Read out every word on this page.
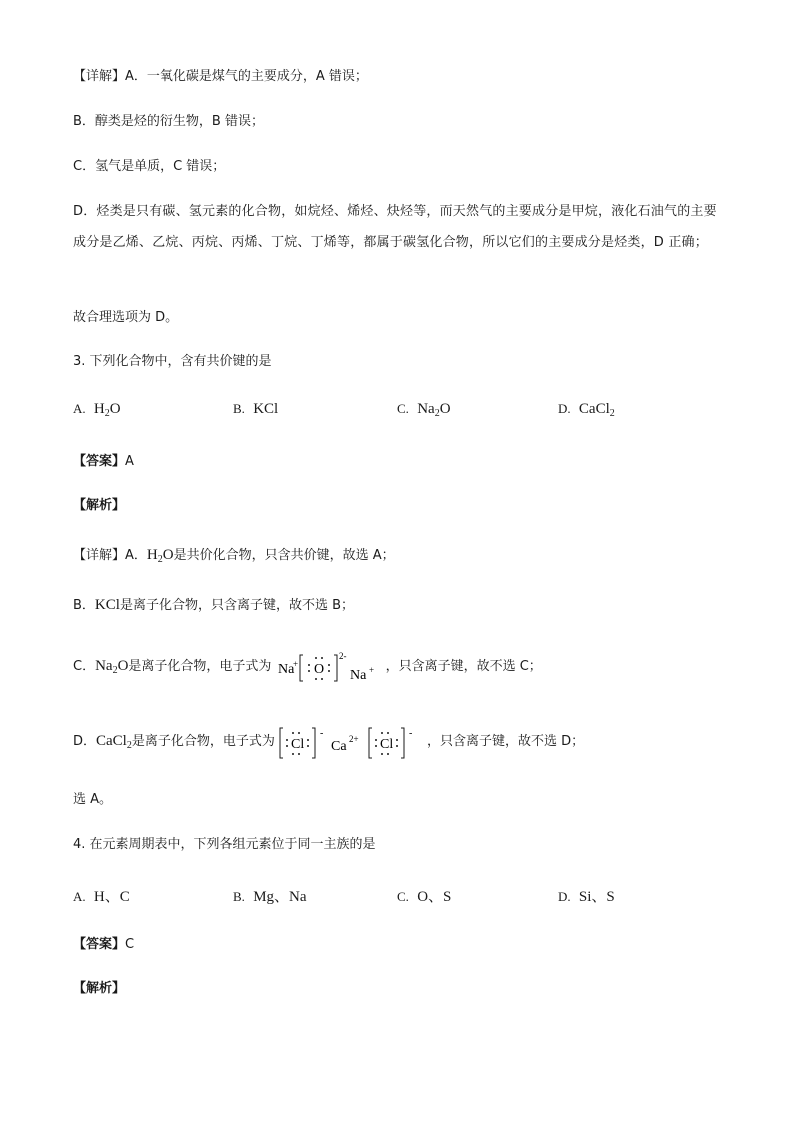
【详解】A．一氧化碳是煤气的主要成分，A 错误；
B．醇类是烃的衍生物，B 错误；
C．氢气是单质，C 错误；
D．烃类是只有碳、氢元素的化合物，如烷烃、烯烃、炔烃等，而天然气的主要成分是甲烷，液化石油气的主要成分是乙烯、乙烷、丙烷、丙烯、丁烷、丁烯等，都属于碳氢化合物，所以它们的主要成分是烃类，D 正确；
故合理选项为 D。
3. 下列化合物中，含有共价键的是
A. $H_2O$	B. KCl	C. $Na_2O$	D. CaCl$_2$
【答案】A
【解析】
【详解】A．$H_2O$是共价化合物，只含共价键，故选 A；
B．KCl是离子化合物，只含离子键，故不选 B；
C．$Na_2O$是离子化合物，电子式为 Na
+ O
2-
Na + ，只含离子键，故不选 C；
D．CaCl$_2$是离子化合物，电子式为 Cl
-
Ca 2+ Cl
-
，只含离子键，故不选 D；
选 A。
4. 在元素周期表中，下列各组元素位于同一主族的是
A. H、C	B. Mg、Na	C. O、S	D. Si、S
【答案】C
【解析】
